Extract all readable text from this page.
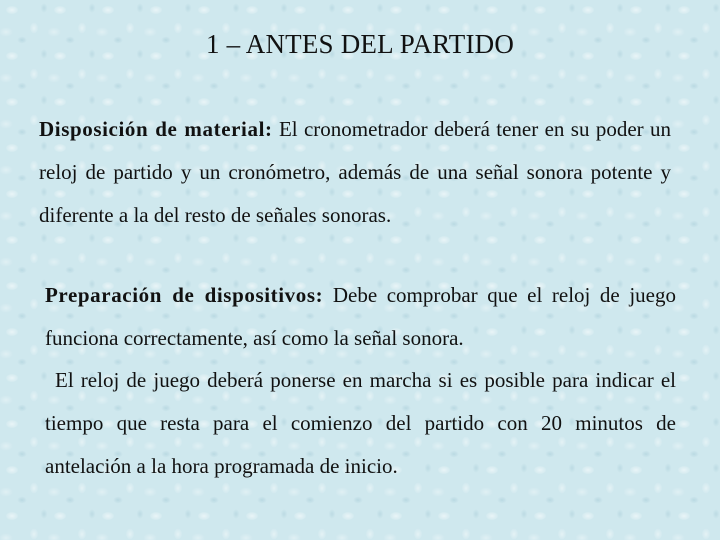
1 – ANTES DEL PARTIDO

Disposición de material: El cronometrador deberá tener en su poder un reloj de partido y un cronómetro, además de una señal sonora potente y diferente a la del resto de señales sonoras.

Preparación de dispositivos: Debe comprobar que el reloj de juego funciona correctamente, así como la señal sonora.

El reloj de juego deberá ponerse en marcha si es posible para indicar el tiempo que resta para el comienzo del partido con 20 minutos de antelación a la hora programada de inicio.
